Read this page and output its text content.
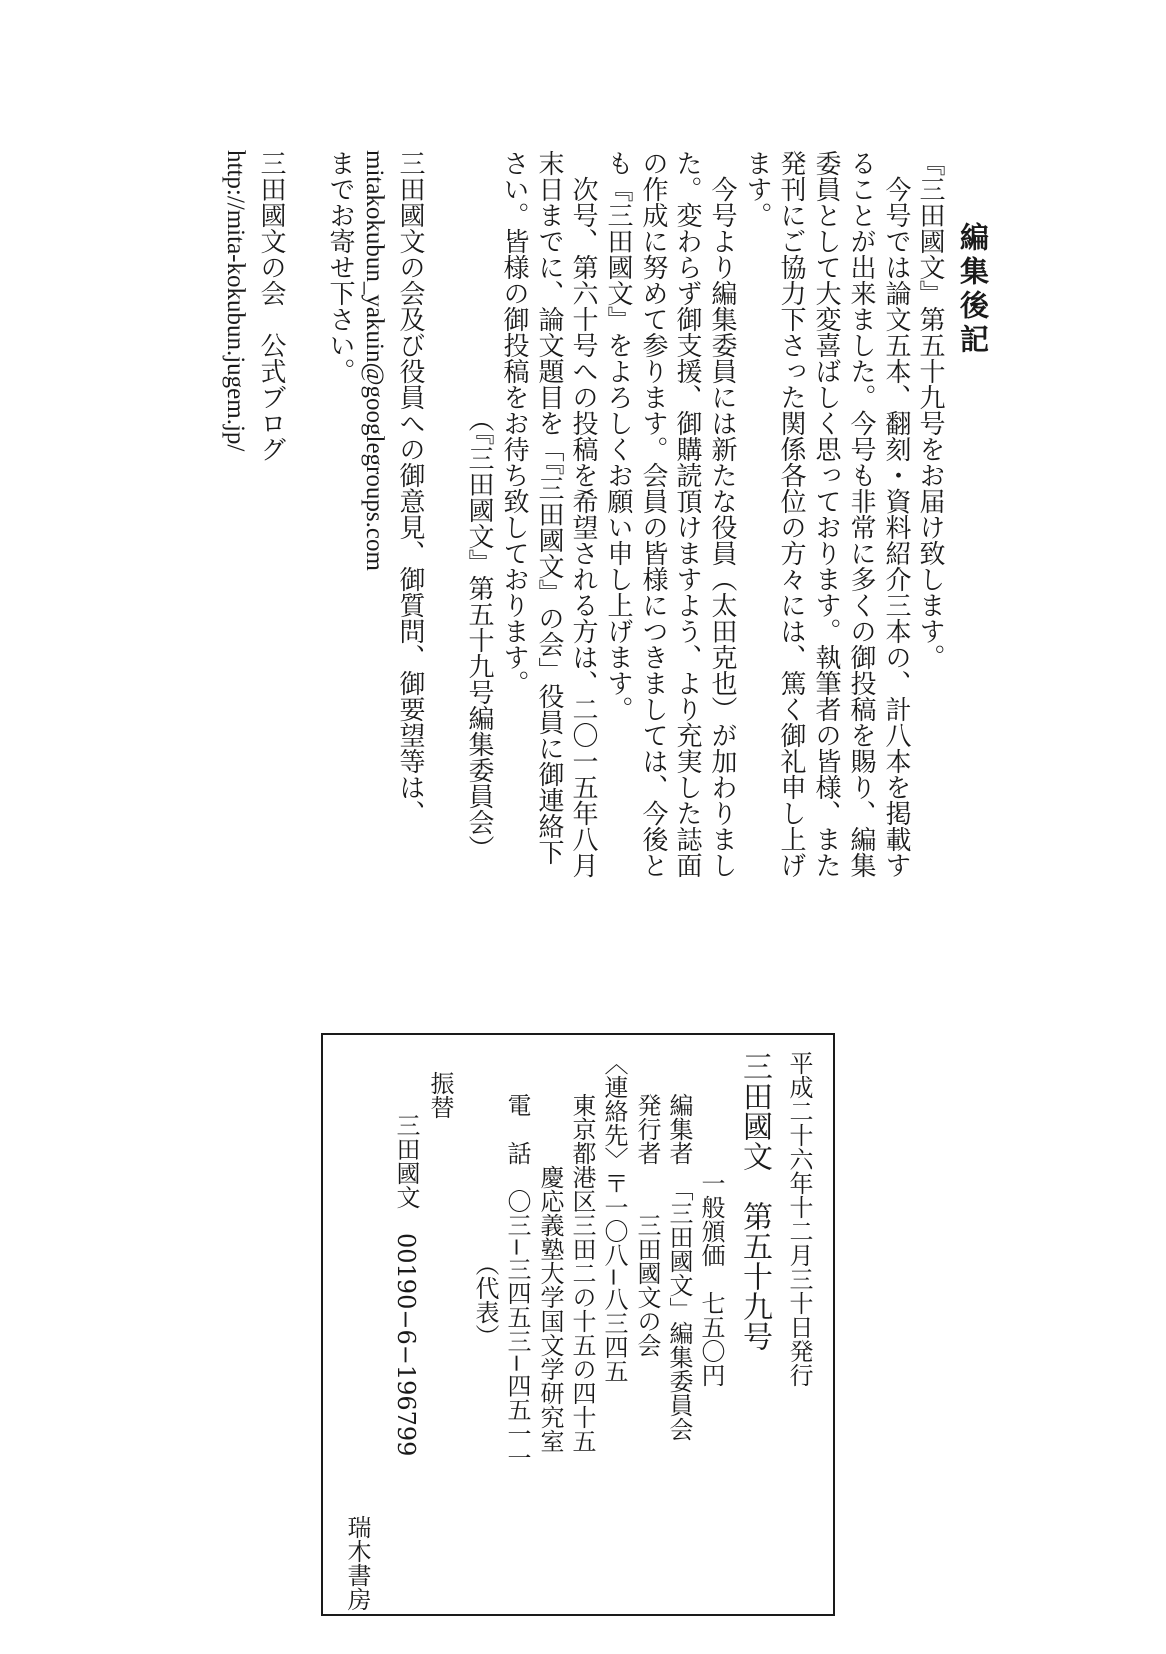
編集後記
『三田國文』第五十九号をお届け致します。
　今号では論文五本、翻刻・資料紹介三本の、計八本を掲載す
ることが出来ました。今号も非常に多くの御投稿を賜り、編集
委員として大変喜ばしく思っております。執筆者の皆様、また
発刊にご協力下さった関係各位の方々には、篤く御礼申し上げ
ます。
　今号より編集委員には新たな役員（太田克也）が加わりまし
た。変わらず御支援、御購読頂けますよう、より充実した誌面
の作成に努めて参ります。会員の皆様につきましては、今後と
も『三田國文』をよろしくお願い申し上げます。
　次号、第六十号への投稿を希望される方は、二〇一五年八月
末日までに、論文題目を「『三田國文』の会」役員に御連絡下
さい。皆様の御投稿をお待ち致しております。
（『三田國文』第五十九号編集委員会）
三田國文の会及び役員への御意見、御質問、御要望等は、
mitakokubun_yakuin@googlegroups.com
までお寄せ下さい。
三田國文の会　公式ブログ
http://mita-kokubun.jugem.jp/
平成二十六年十二月三十日発行
三田國文　第五十九号
一般頒価　七五〇円
編集者　「三田國文」編集委員会
発行者　　三田國文の会
〈連絡先〉〒一〇八−八三四五
東京都港区三田二の十五の四十五
慶応義塾大学国文学研究室
電　話　〇三−三四五三−四五一一
（代表）
振替
三田國文　00190−6−196799
瑞木書房
